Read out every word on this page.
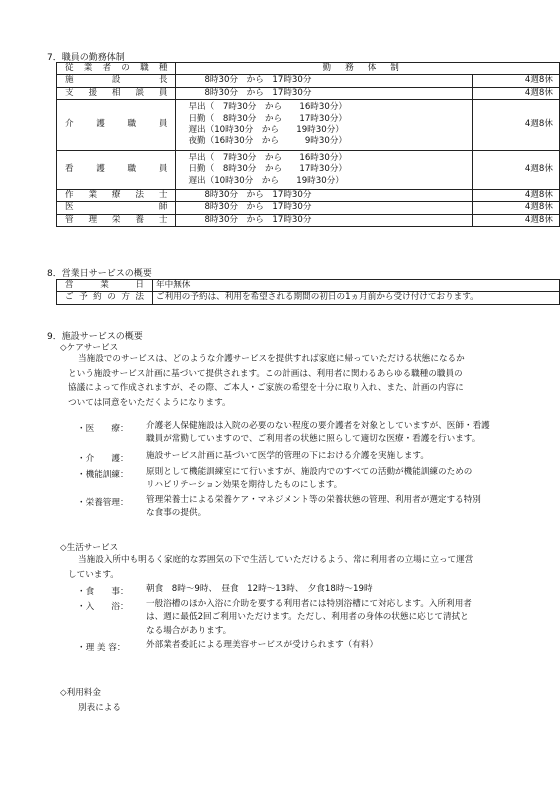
7．職員の勤務体制
従業者の職種	勤務体制	
施設長	8時30分　から　17時30分	4週8休
支援相談員	8時30分　から　17時30分	4週8休
介護職員	早出（　7時30分　から　　16時30分）
日勤（　8時30分　から　　17時30分）
遅出（10時30分　から　　19時30分）
夜勤（16時30分　から　　　9時30分）	4週8休
看護職員	早出（　7時30分　から　　16時30分）
日勤（　8時30分　から　　17時30分）
遅出（10時30分　から　　19時30分）	4週8休
作業療法士	8時30分　から　17時30分	4週8休
医師	8時30分　から　17時30分	4週8休
管理栄養士	8時30分　から　17時30分	4週8休
8．営業日サービスの概要
営業日	年中無休
ご予約の方法	ご利用の予約は、利用を希望される期間の初日の1ヵ月前から受け付けております。
9．施設サービスの概要
◇ケアサービス
当施設でのサービスは、どのような介護サービスを提供すれば家庭に帰っていただける状態になるか
という施設サービス計画に基づいて提供されます。この計画は、利用者に関わるあらゆる職種の職員の
協議によって作成されますが、その際、ご本人・ご家族の希望を十分に取り入れ、また、計画の内容に
ついては同意をいただくようになります。
・医　　療： 介護老人保健施設は入院の必要のない程度の要介護者を対象としていますが、医師・看護
職員が常勤していますので、ご利用者の状態に照らして適切な医療・看護を行います。
・介　　護： 施設サービス計画に基づいて医学的管理の下における介護を実施します。
・機能訓練： 原則として機能訓練室にて行いますが、施設内でのすべての活動が機能訓練のための
リハビリテーション効果を期待したものにします。
・栄養管理： 管理栄養士による栄養ケア・マネジメント等の栄養状態の管理、利用者が選定する特別
な食事の提供。
◇生活サービス
当施設入所中も明るく家庭的な雰囲気の下で生活していただけるよう、常に利用者の立場に立って運営
しています。
・食　　事： 朝食　8時～9時、　昼食　12時～13時、　夕食18時～19時
・入　　浴： 一般浴槽のほか入浴に介助を要する利用者には特別浴槽にて対応します。入所利用者
は、週に最低2回ご利用いただけます。ただし、利用者の身体の状態に応じて清拭と
なる場合があります。
・理 美 容： 外部業者委託による理美容サービスが受けられます（有料）
◇利用料金
別表による
